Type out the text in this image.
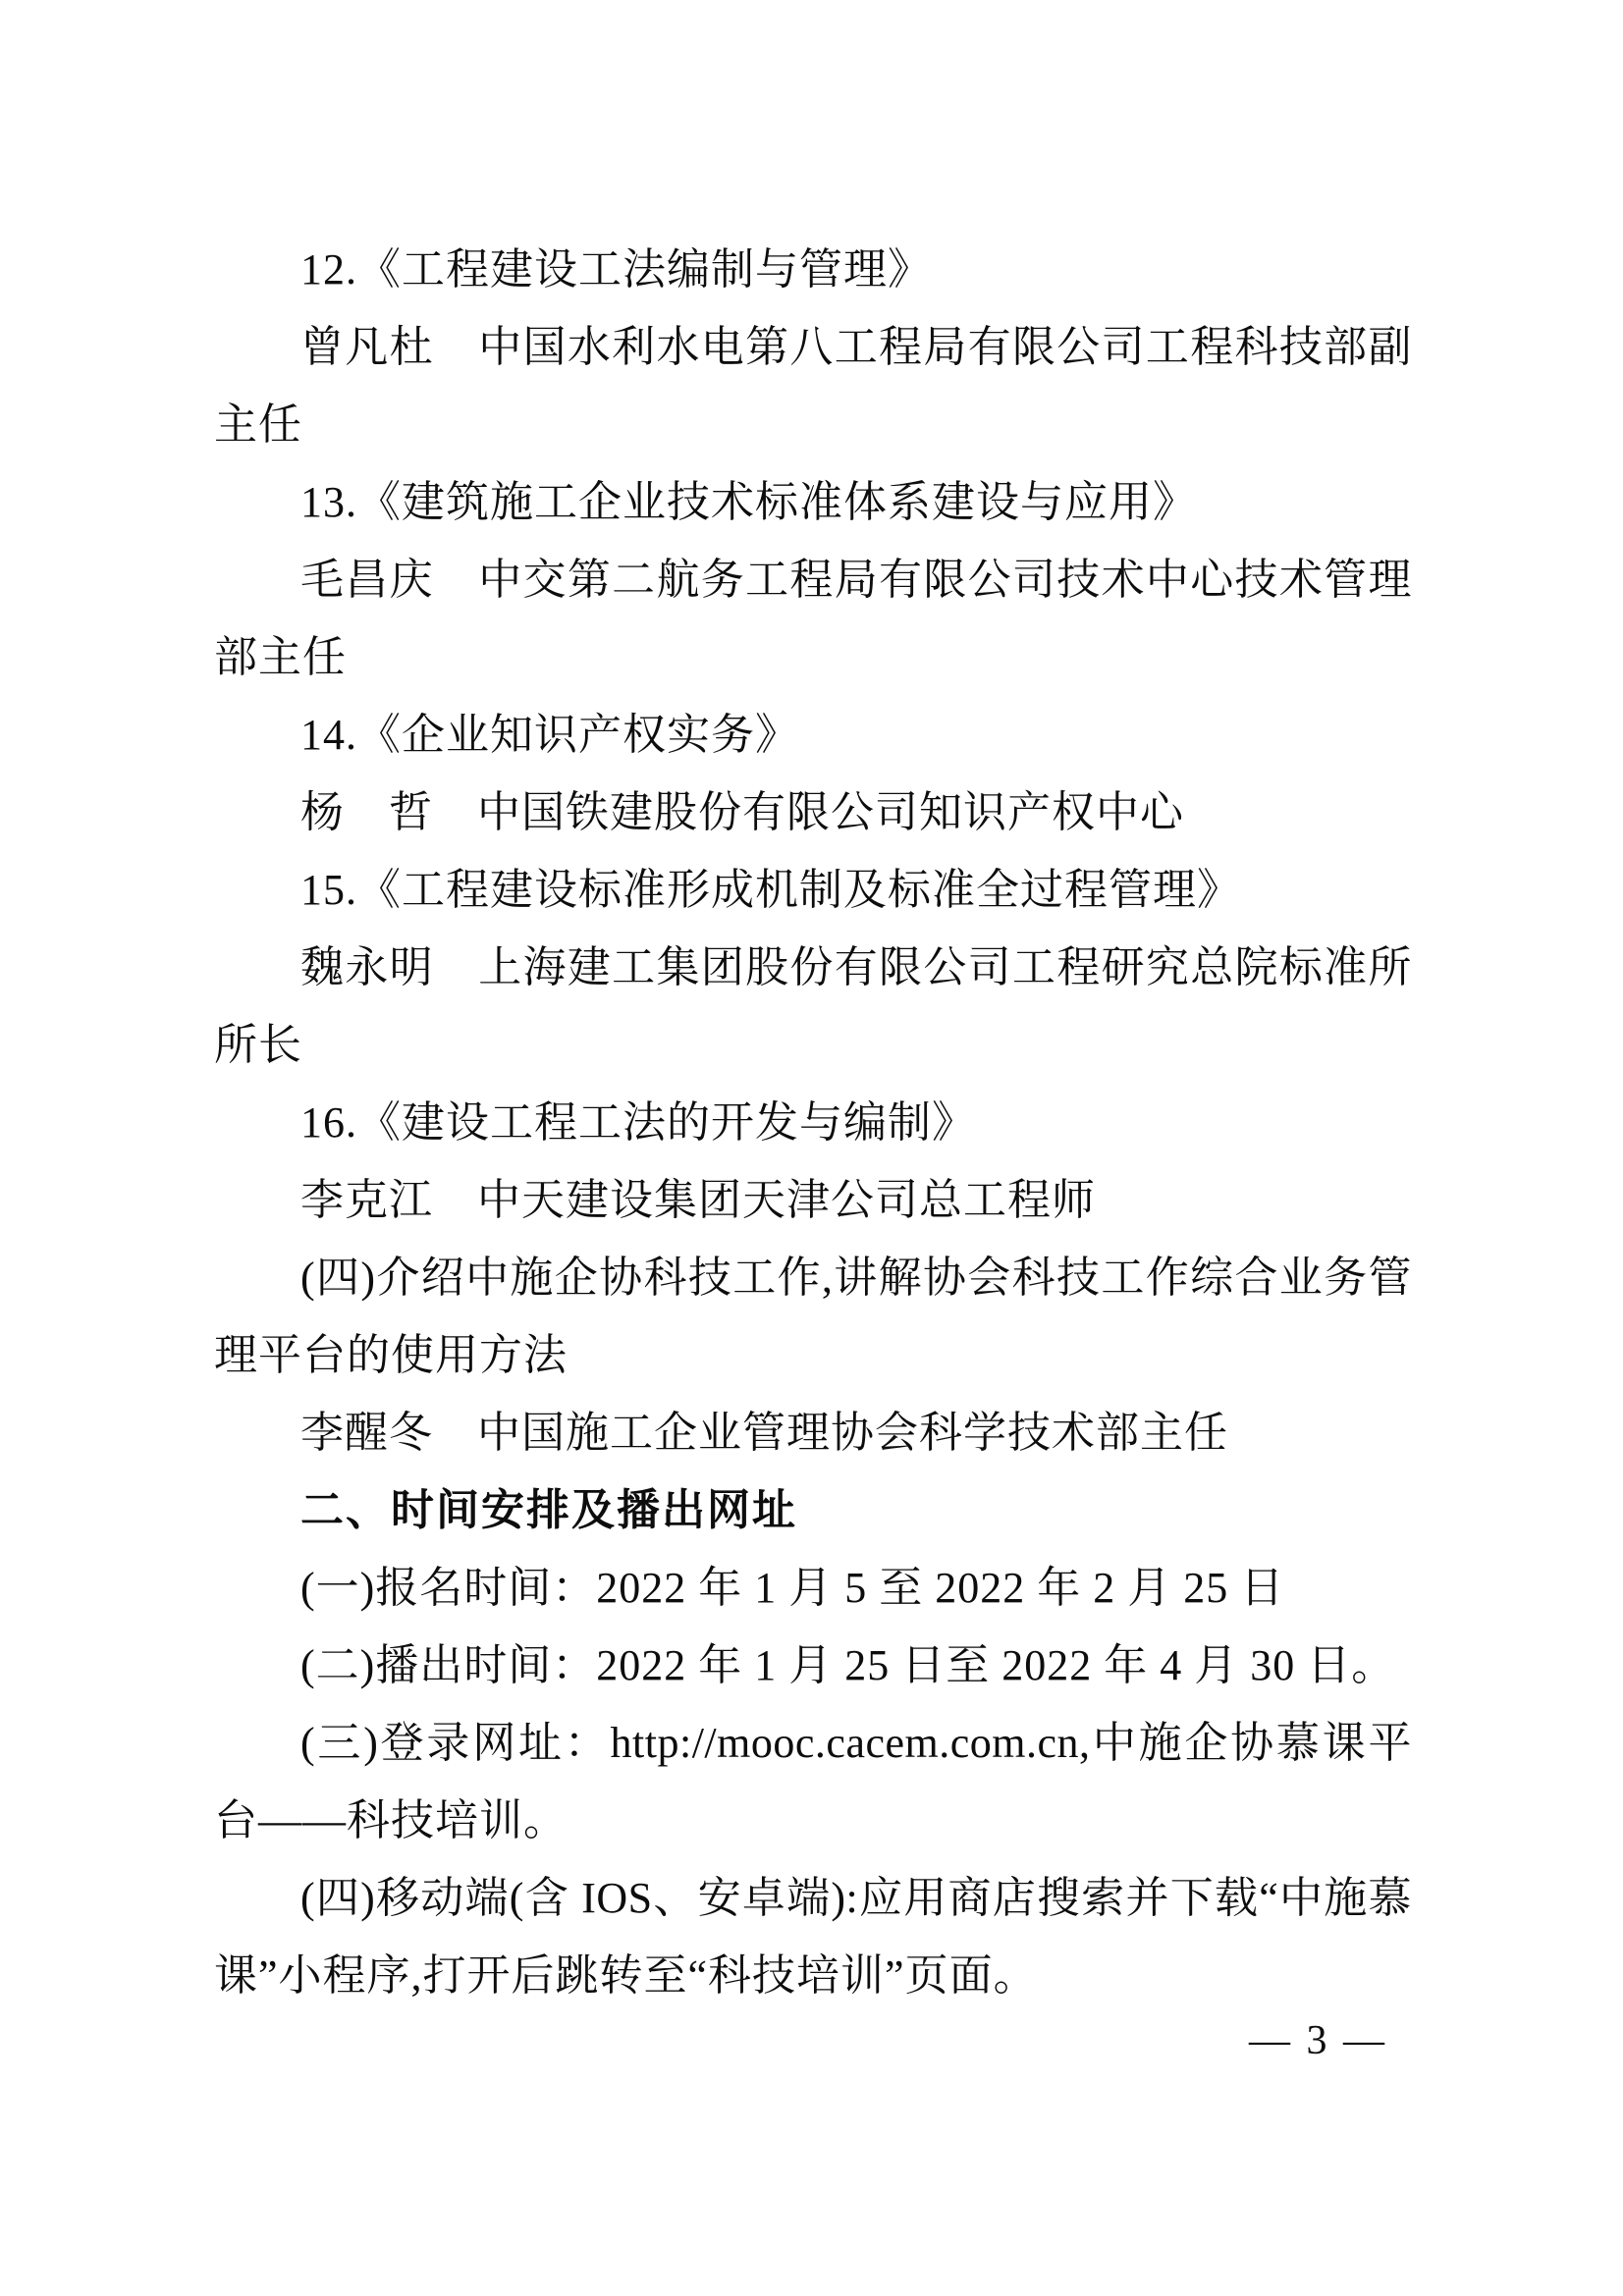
12.《工程建设工法编制与管理》
曾凡杜　中国水利水电第八工程局有限公司工程科技部副
主任
13.《建筑施工企业技术标准体系建设与应用》
毛昌庆　中交第二航务工程局有限公司技术中心技术管理
部主任
14.《企业知识产权实务》
杨　哲　中国铁建股份有限公司知识产权中心
15.《工程建设标准形成机制及标准全过程管理》
魏永明　上海建工集团股份有限公司工程研究总院标准所
所长
16.《建设工程工法的开发与编制》
李克江　中天建设集团天津公司总工程师
(四)介绍中施企协科技工作,讲解协会科技工作综合业务管
理平台的使用方法
李醒冬　中国施工企业管理协会科学技术部主任
二、时间安排及播出网址
(一)报名时间：2022 年 1 月 5 至 2022 年 2 月 25 日
(二)播出时间：2022 年 1 月 25 日至 2022 年 4 月 30 日。
(三)登录网址：http://mooc.cacem.com.cn,中施企协慕课平
台——科技培训。
(四)移动端(含 IOS、安卓端):应用商店搜索并下载“中施慕
课”小程序,打开后跳转至“科技培训”页面。
— 3 —
